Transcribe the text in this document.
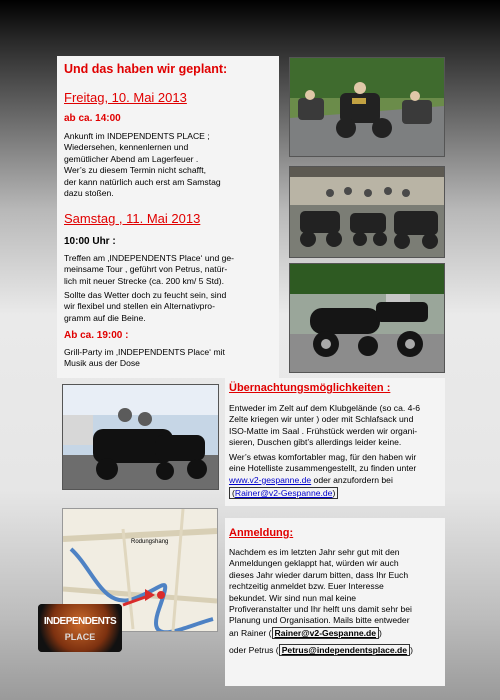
Und das haben wir geplant:
Freitag, 10. Mai 2013
ab ca. 14:00
Ankunft im INDEPENDENTS PLACE ;
Wiedersehen, kennenlernen und
gemütlicher Abend am Lagerfeuer .
Wer’s zu diesem Termin nicht schafft,
der kann natürlich auch erst am Samstag
dazu stoßen.
Samstag , 11. Mai 2013
10:00 Uhr :
Treffen am ‚INDEPENDENTS Place‘ und ge-
meinsame Tour , geführt von Petrus, natür-
lich mit neuer Strecke (ca. 200 km/ 5 Std).
Sollte das Wetter doch zu feucht sein, sind
wir flexibel und stellen ein Alternativpro-
gramm auf die Beine.
Ab ca. 19:00 :
Grill-Party im ‚INDEPENDENTS Place‘ mit
Musik aus der Dose
Übernachtungsmöglichkeiten :
Entweder im Zelt auf dem Klubgelände (so ca. 4-6
Zelte kriegen wir unter ) oder mit Schlafsack und
ISO-Matte im Saal . Frühstück werden wir organi-
sieren, Duschen gibt’s allerdings leider keine.
Wer’s etwas komfortabler mag, für den haben wir
eine Hotelliste zusammengestellt, zu finden unter
www.v2-gespanne.de oder anzufordern bei
(Rainer@v2-Gespanne.de)
Rodungshang
INDEPENDENTS
PLACE
Anmeldung:
Nachdem es im letzten Jahr sehr gut mit den
Anmeldungen geklappt hat, würden wir auch
dieses Jahr wieder darum bitten, dass Ihr Euch
rechtzeitig anmeldet bzw. Euer Interesse
bekundet. Wir sind nun mal keine
Profiveranstalter und Ihr helft uns damit sehr bei
Planung und Organisation. Mails bitte entweder
an Rainer ( Rainer@v2-Gespanne.de )
oder Petrus ( Petrus@independentsplace.de )
